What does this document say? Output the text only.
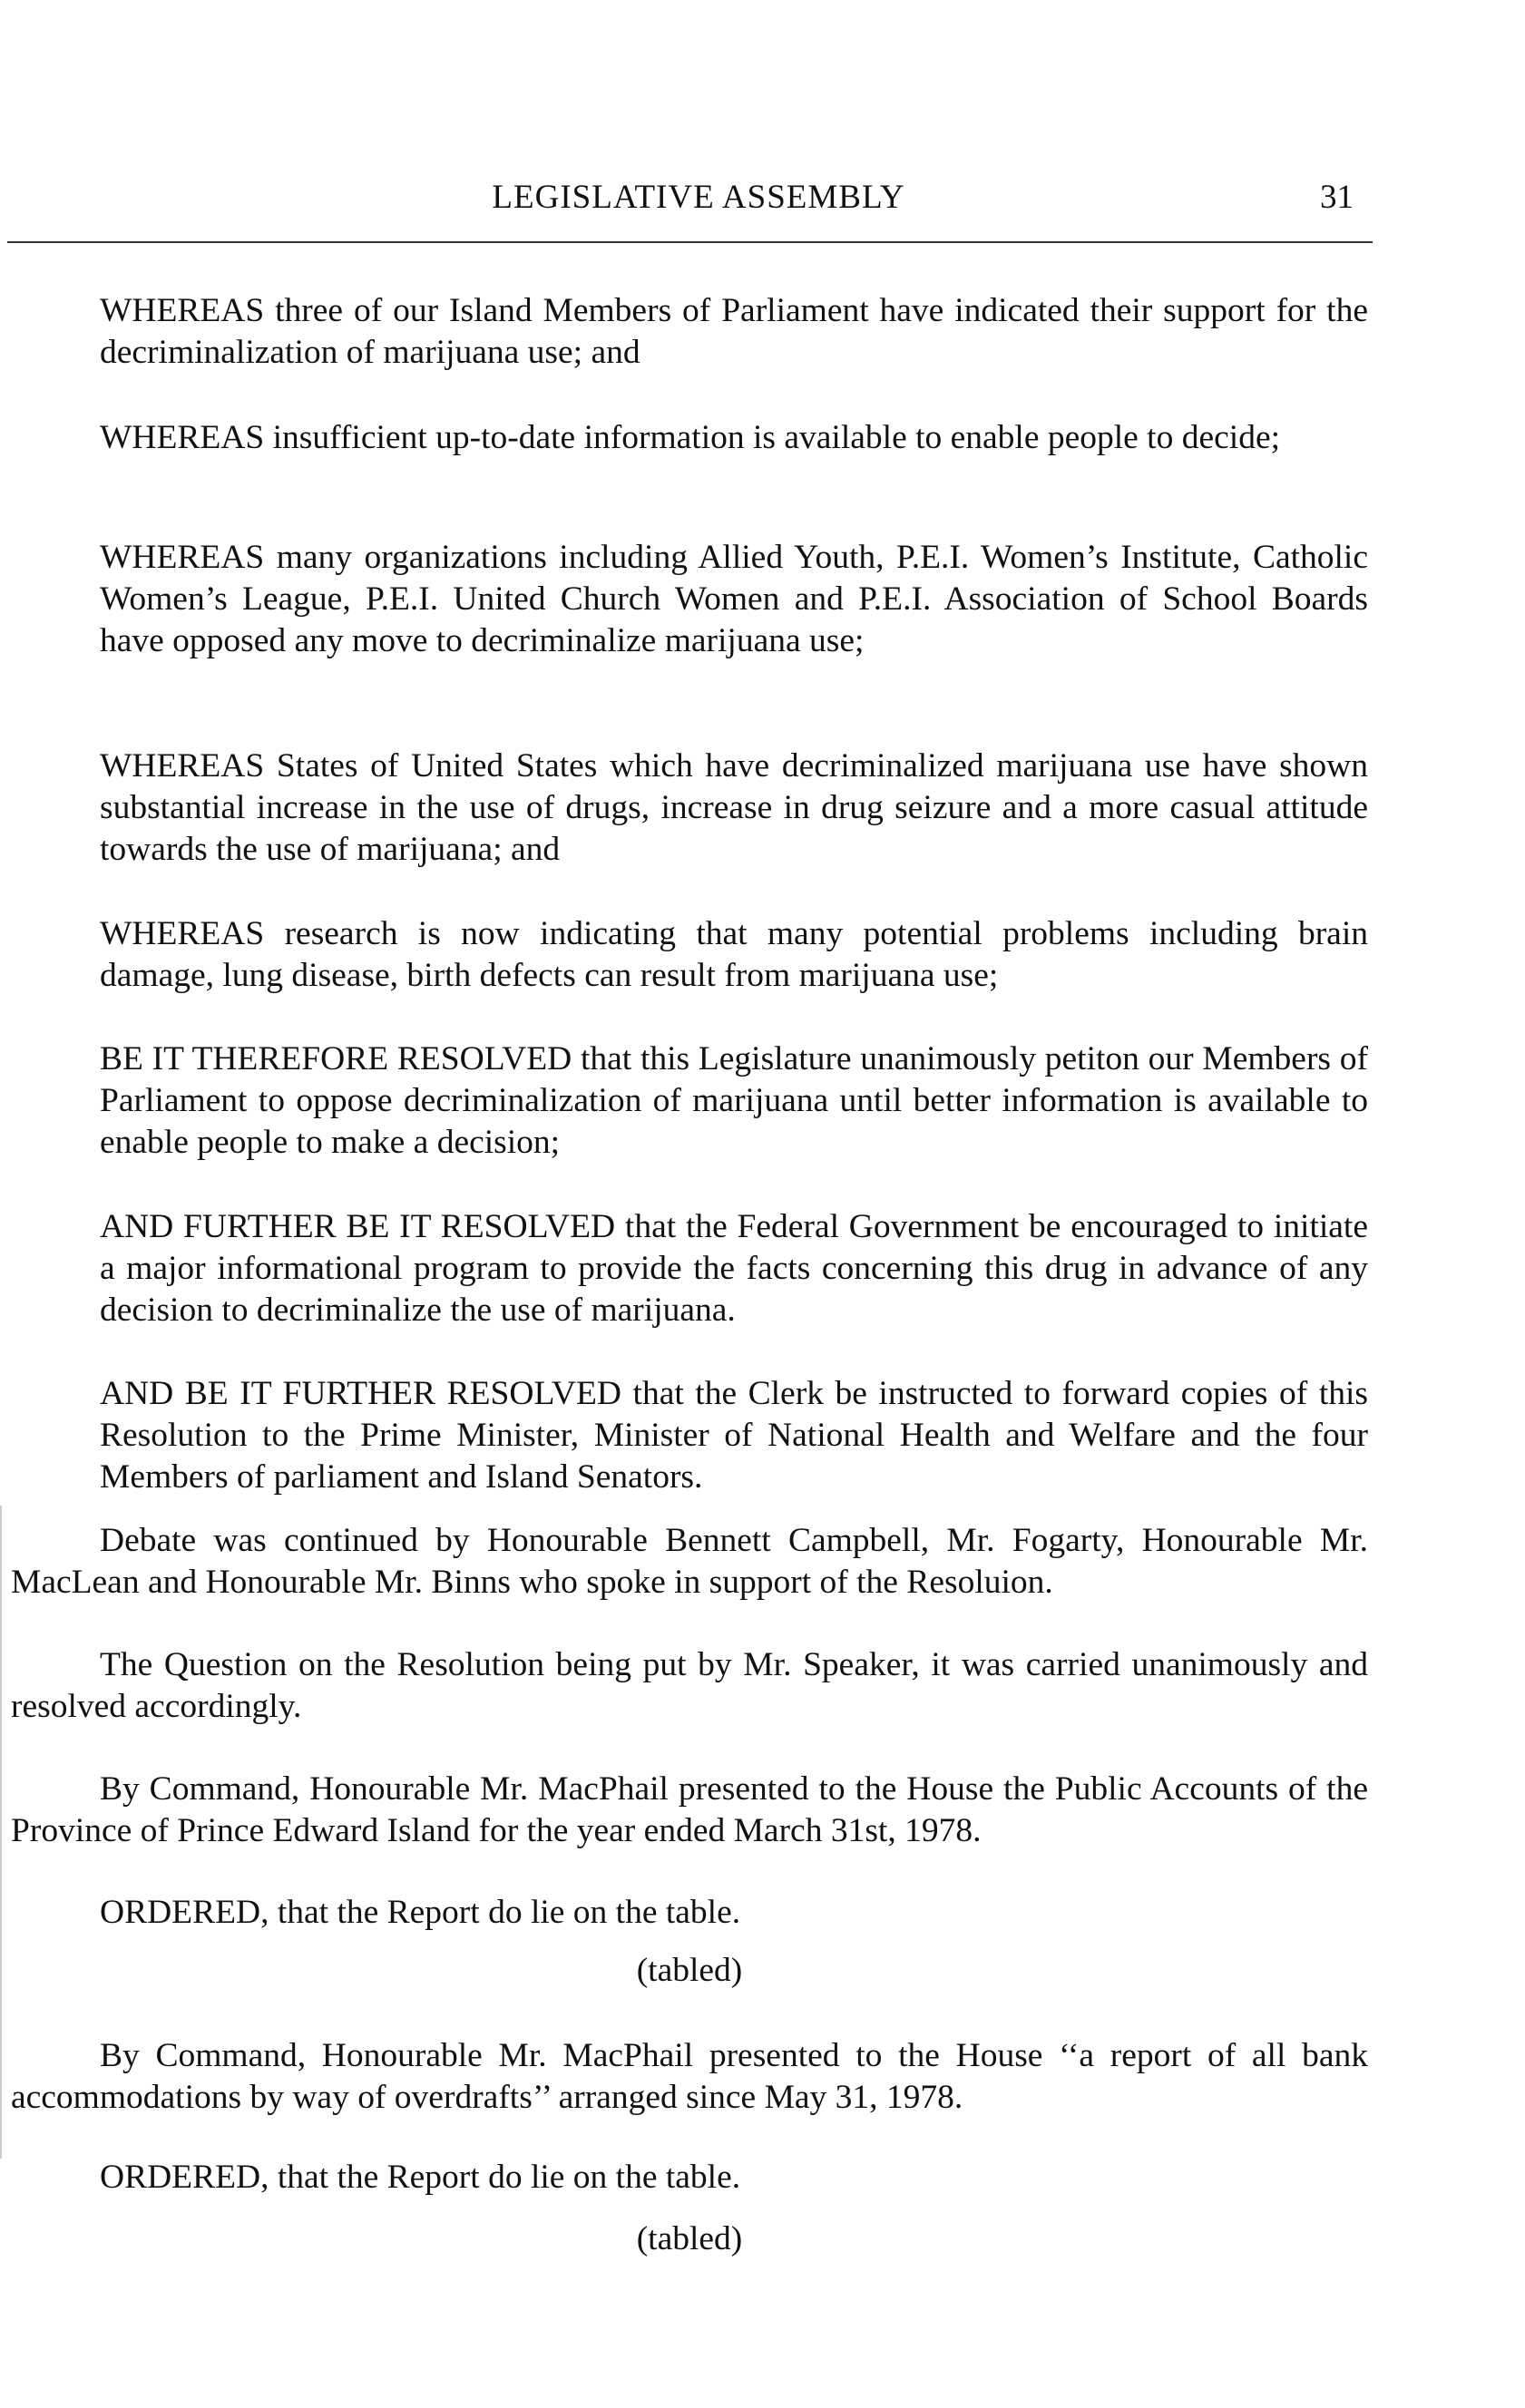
LEGISLATIVE ASSEMBLY	31

WHEREAS three of our Island Members of Parliament have indicated their support for the decriminalization of marijuana use; and

WHEREAS insufficient up-to-date information is available to enable people to decide;

WHEREAS many organizations including Allied Youth, P.E.I. Women’s Institute, Catholic Women’s League, P.E.I. United Church Women and P.E.I. Association of School Boards have opposed any move to decriminalize marijuana use;

WHEREAS States of United States which have decriminalized marijuana use have shown substantial increase in the use of drugs, increase in drug seizure and a more casual attitude towards the use of marijuana; and

WHEREAS research is now indicating that many potential problems including brain damage, lung disease, birth defects can result from marijuana use;

BE IT THEREFORE RESOLVED that this Legislature unanimously petiton our Members of Parliament to oppose decriminalization of marijuana until better information is available to enable people to make a decision;

AND FURTHER BE IT RESOLVED that the Federal Government be encouraged to initiate a major informational program to provide the facts concerning this drug in advance of any decision to decriminalize the use of marijuana.

AND BE IT FURTHER RESOLVED that the Clerk be instructed to forward copies of this Resolution to the Prime Minister, Minister of National Health and Welfare and the four Members of parliament and Island Senators.

Debate was continued by Honourable Bennett Campbell, Mr. Fogarty, Honourable Mr. MacLean and Honourable Mr. Binns who spoke in support of the Resoluion.

The Question on the Resolution being put by Mr. Speaker, it was carried unanimously and resolved accordingly.

By Command, Honourable Mr. MacPhail presented to the House the Public Accounts of the Province of Prince Edward Island for the year ended March 31st, 1978.

ORDERED, that the Report do lie on the table.

(tabled)

By Command, Honourable Mr. MacPhail presented to the House ‘‘a report of all bank accommodations by way of overdrafts’’ arranged since May 31, 1978.

ORDERED, that the Report do lie on the table.

(tabled)
